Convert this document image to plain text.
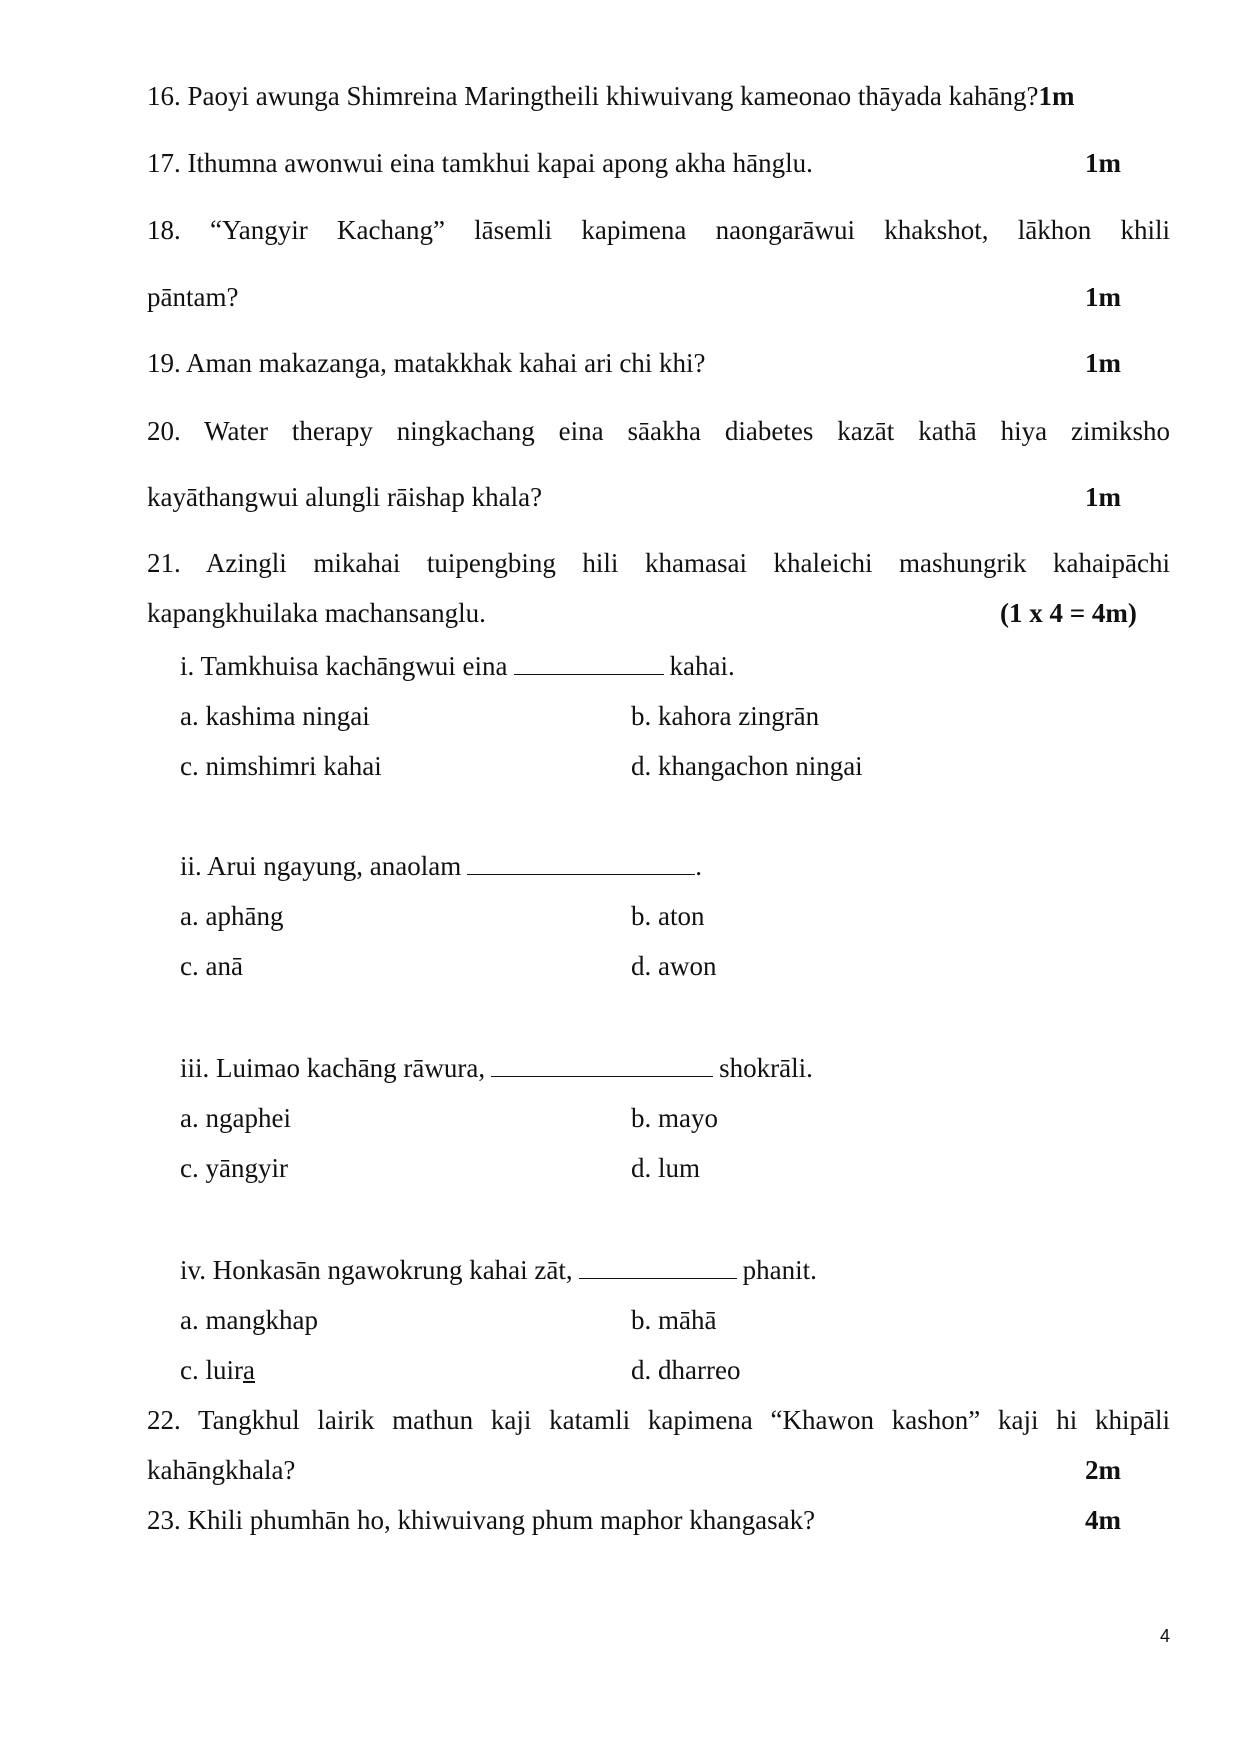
16. Paoyi awunga Shimreina Maringtheili khiwuivang kameonao thāyada kahāng?1m
17. Ithumna awonwui eina tamkhui kapai apong akha hānglu.	1m
18. “Yangyir Kachang” lāsemli kapimena naongarāwui khakshot, lākhon khili
pāntam?	1m
19. Aman makazanga, matakkhak kahai ari chi khi?	1m
20. Water therapy ningkachang eina sāakha diabetes kazāt kathā hiya zimiksho
kayāthangwui alungli rāishap khala?	1m
21. Azingli mikahai tuipengbing hili khamasai khaleichi mashungrik kahaipāchi
kapangkhuilaka machansanglu.	(1 x 4 = 4m)
i. Tamkhuisa kachāngwui eina	kahai.
a. kashima ningai	b. kahora zingrān
c. nimshimri kahai	d. khangachon ningai
ii. Arui ngayung, anaolam	.
a. aphāng	b. aton
c. anā	d. awon
iii. Luimao kachāng rāwura,	shokrāli.
a. ngaphei	b. mayo
c. yāngyir	d. lum
iv. Honkasān ngawokrung kahai zāt,	phanit.
a. mangkhap	b. māhā
c. luira	d. dharreo
22. Tangkhul lairik mathun kaji katamli kapimena “Khawon kashon” kaji hi khipāli
kahāngkhala?	2m
23. Khili phumhān ho, khiwuivang phum maphor khangasak?	4m
4
